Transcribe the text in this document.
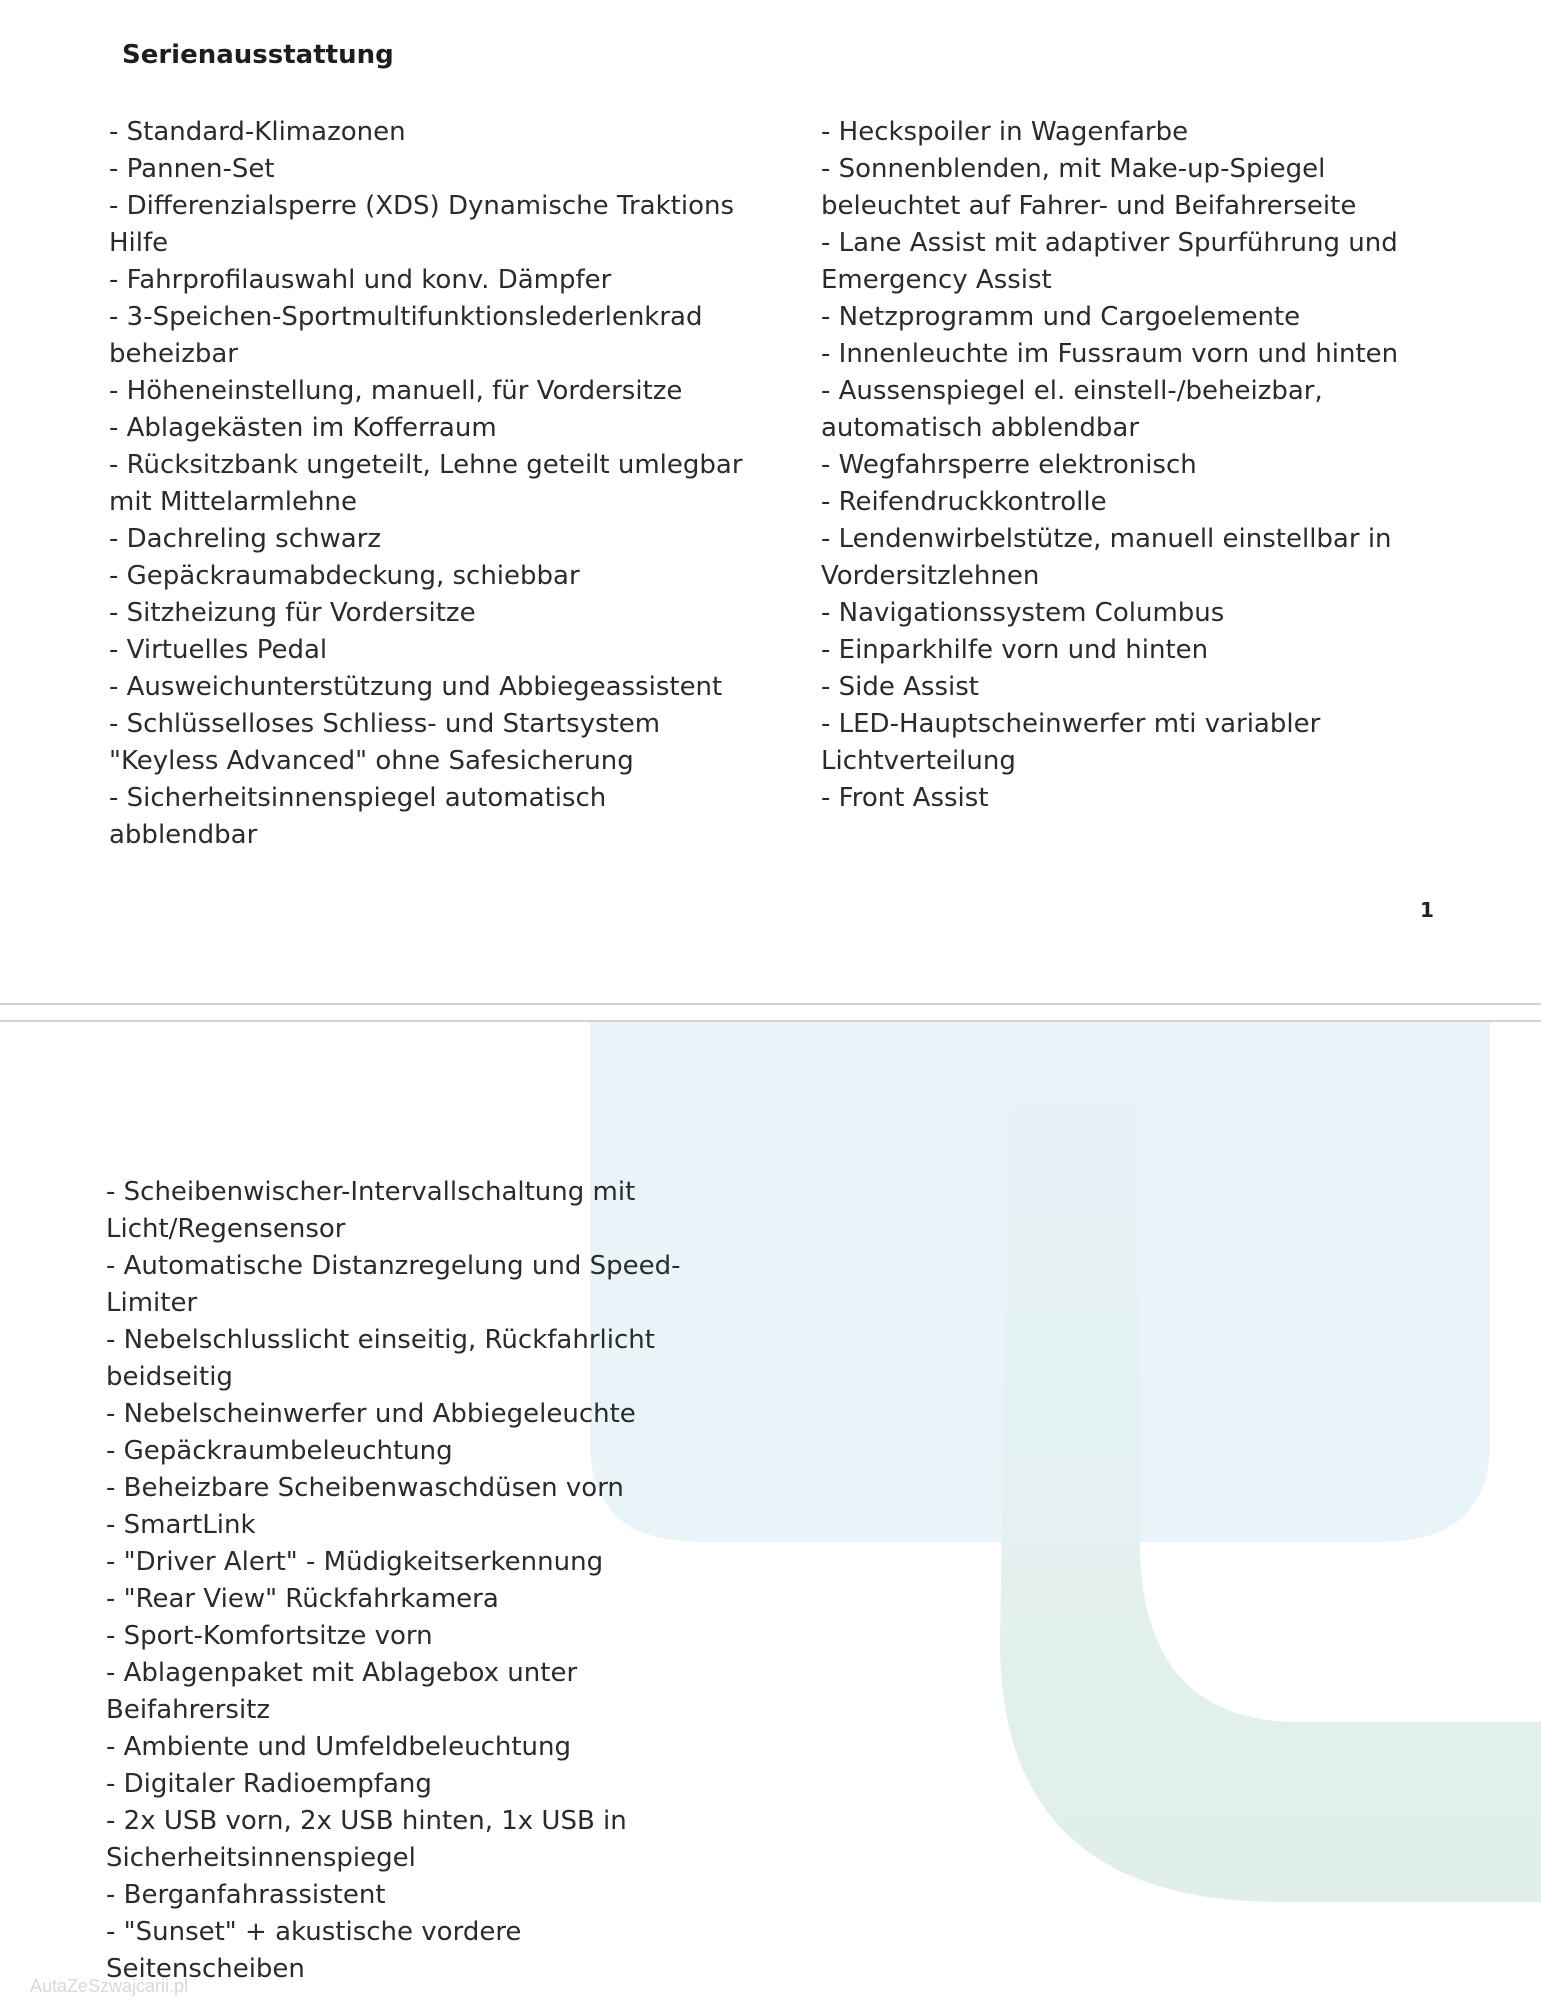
Serienausstattung
- Standard-Klimazonen
- Pannen-Set
- Differenzialsperre (XDS) Dynamische Traktions Hilfe
- Fahrprofilauswahl und konv. Dämpfer
- 3-Speichen-Sportmultifunktionslederlenkrad beheizbar
- Höheneinstellung, manuell, für Vordersitze
- Ablagekästen im Kofferraum
- Rücksitzbank ungeteilt, Lehne geteilt umlegbar mit Mittelarmlehne
- Dachreling schwarz
- Gepäckraumabdeckung, schiebbar
- Sitzheizung für Vordersitze
- Virtuelles Pedal
- Ausweichunterstützung und Abbiegeassistent
- Schlüsselloses Schliess- und Startsystem "Keyless Advanced" ohne Safesicherung
- Sicherheitsinnenspiegel automatisch abblendbar
- Heckspoiler in Wagenfarbe
- Sonnenblenden, mit Make-up-Spiegel beleuchtet auf Fahrer- und Beifahrerseite
- Lane Assist mit adaptiver Spurführung und Emergency Assist
- Netzprogramm und Cargoelemente
- Innenleuchte im Fussraum vorn und hinten
- Aussenspiegel el. einstell-/beheizbar, automatisch abblendbar
- Wegfahrsperre elektronisch
- Reifendruckkontrolle
- Lendenwirbelstütze, manuell einstellbar in Vordersitzlehnen
- Navigationssystem Columbus
- Einparkhilfe vorn und hinten
- Side Assist
- LED-Hauptscheinwerfer mti variabler Lichtverteilung
- Front Assist
1
- Scheibenwischer-Intervallschaltung mit Licht/Regensensor
- Automatische Distanzregelung und Speed-Limiter
- Nebelschlusslicht einseitig, Rückfahrlicht beidseitig
- Nebelscheinwerfer und Abbiegeleuchte
- Gepäckraumbeleuchtung
- Beheizbare Scheibenwaschdüsen vorn
- SmartLink
- "Driver Alert" - Müdigkeitserkennung
- "Rear View" Rückfahrkamera
- Sport-Komfortsitze vorn
- Ablagenpaket mit Ablagebox unter Beifahrersitz
- Ambiente und Umfeldbeleuchtung
- Digitaler Radioempfang
- 2x USB vorn, 2x USB hinten, 1x USB in Sicherheitsinnenspiegel
- Berganfahrassistent
- "Sunset" + akustische vordere Seitenscheiben
AutaZeSzwajcarii.pl
